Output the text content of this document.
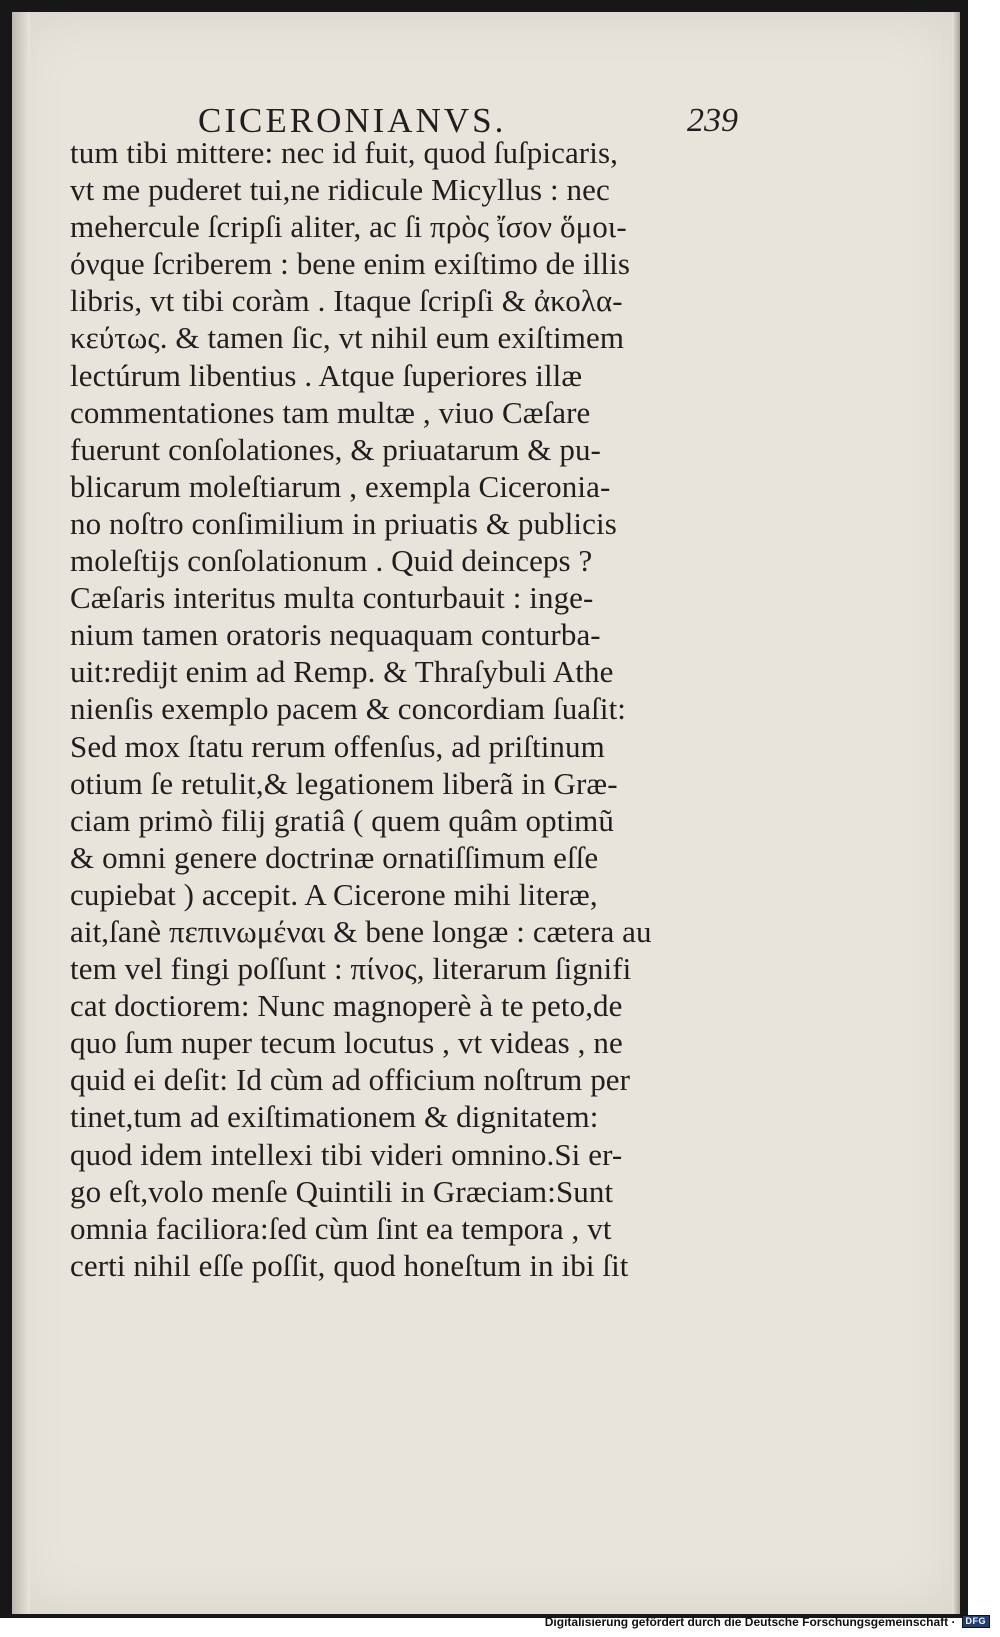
CICERONIANVS.	239
tum tibi mittere: nec id fuit, quod ſuſpicaris,
vt me puderet tui,ne ridicule Micyllus : nec
mehercule ſcripſi aliter, ac ſi πρὸς ἴσον ὅμοι-
όνque ſcriberem : bene enim exiſtimo de illis
libris, vt tibi coràm . Itaque ſcripſi & ἀκολα-
κεύτως. & tamen ſic, vt nihil eum exiſtimem
lectúrum libentius . Atque ſuperiores illæ
commentationes tam multæ , viuo Cæſare
fuerunt conſolationes, & priuatarum & pu-
blicarum moleſtiarum , exempla Ciceronia-
no noſtro conſimilium in priuatis & publicis
moleſtijs conſolationum . Quid deinceps ?
Cæſaris interitus multa conturbauit : inge-
nium tamen oratoris nequaquam conturba-
uit:redijt enim ad Remp. & Thraſybuli Athe
nienſis exemplo pacem & concordiam ſuaſit:
Sed mox ſtatu rerum offenſus, ad priſtinum
otium ſe retulit,& legationem liberã in Græ-
ciam primò filij gratiâ ( quem quâm optimũ
& omni genere doctrinæ ornatiſſimum eſſe
cupiebat ) accepit. A Cicerone mihi literæ,
ait,ſanè πεπινωμέναι & bene longæ : cætera au
tem vel fingi poſſunt : πίνος, literarum ſignifi
cat doctiorem: Nunc magnoperè à te peto,de
quo ſum nuper tecum locutus , vt videas , ne
quid ei deſit: Id cùm ad officium noſtrum per
tinet,tum ad exiſtimationem & dignitatem:
quod idem intellexi tibi videri omnino.Si er-
go eſt,volo menſe Quintili in Græciam:Sunt
omnia faciliora:ſed cùm ſint ea tempora , vt
certi nihil eſſe poſſit, quod honeſtum in ibi ſit
Digitalisierung gefördert durch die Deutsche Forschungsgemeinschaft ·	DFG
